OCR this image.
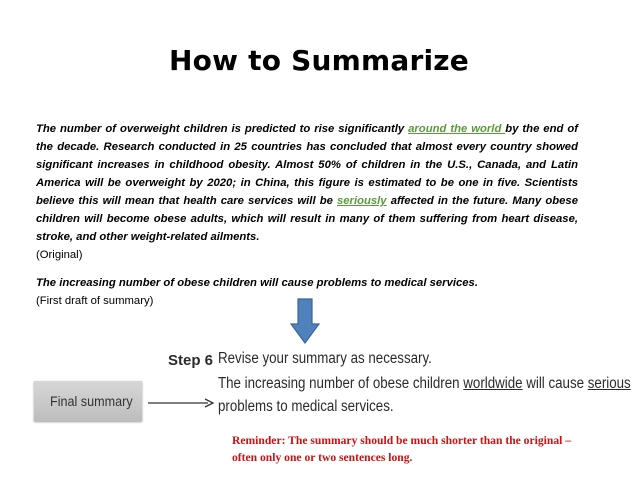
How to Summarize
The number of overweight children is predicted to rise significantly around the world by the end of the decade. Research conducted in 25 countries has concluded that almost every country showed significant increases in childhood obesity. Almost 50% of children in the U.S., Canada, and Latin America will be overweight by 2020; in China, this figure is estimated to be one in five. Scientists believe this will mean that health care services will be seriously affected in the future. Many obese children will become obese adults, which will result in many of them suffering from heart disease, stroke, and other weight-related ailments.
(Original)
The increasing number of obese children will cause problems to medical services.
(First draft of summary)
Step 6 Revise your summary as necessary.
The increasing number of obese children worldwide will cause serious
problems to medical services.
Final summary
Reminder: The summary should be much shorter than the original –
often only one or two sentences long.
